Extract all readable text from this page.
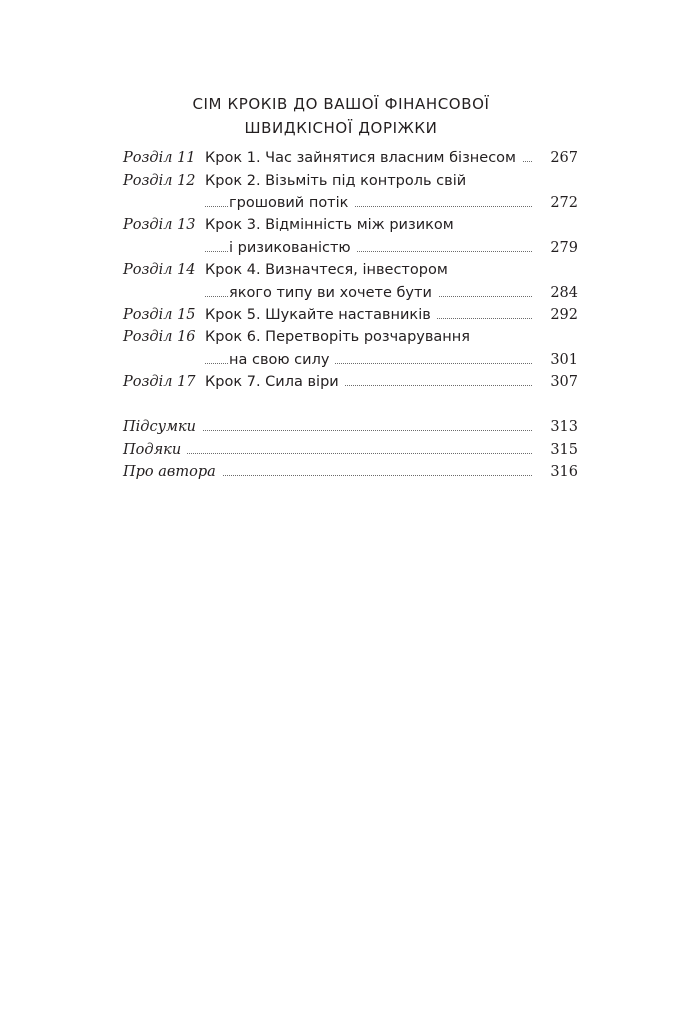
СІМ КРОКІВ ДО ВАШОЇ ФІНАНСОВОЇ
ШВИДКІСНОЇ ДОРІЖКИ
Розділ 11 Крок 1. Час зайнятися власним бізнесом	267
Розділ 12 Крок 2. Візьміть під контроль свій
грошовий потік	272
Розділ 13 Крок 3. Відмінність між ризиком
і ризикованістю	279
Розділ 14 Крок 4. Визначтеся, інвестором
якого типу ви хочете бути	284
Розділ 15 Крок 5. Шукайте наставників	292
Розділ 16 Крок 6. Перетворіть розчарування
на свою силу	301
Розділ 17 Крок 7. Сила віри	307
Підсумки	313
Подяки	315
Про автора	316
